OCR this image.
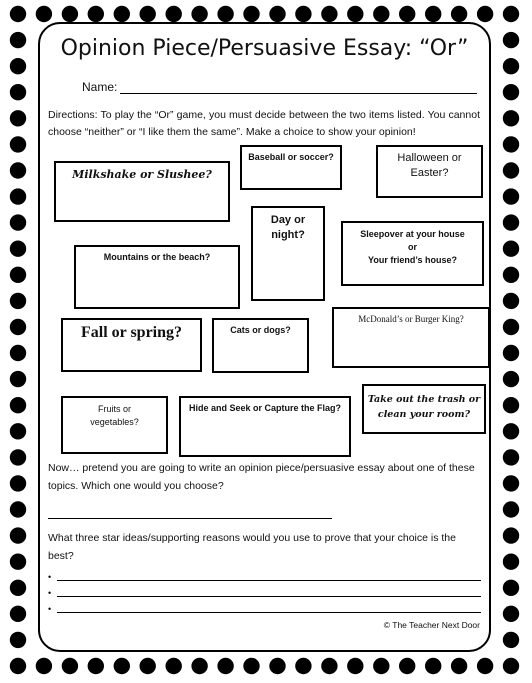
Opinion Piece/Persuasive Essay: “Or”
Name:
Directions: To play the “Or” game, you must decide between the two items listed. You cannot choose “neither” or “I like them the same”. Make a choice to show your opinion!
Milkshake or Slushee?
Baseball or soccer?	Halloween or Easter?
Day or night?	Sleepover at your house
or
Your friend’s house?
Mountains or the beach?
McDonald’s or Burger King?
Fall or spring?	Cats or dogs?
Take out the trash or clean your room?
Fruits or vegetables?
Hide and Seek or Capture the Flag?
Now… pretend you are going to write an opinion piece/persuasive essay about one of these topics. Which one would you choose?
What three star ideas/supporting reasons would you use to prove that your choice is the best?
•
•
•
© The Teacher Next Door
